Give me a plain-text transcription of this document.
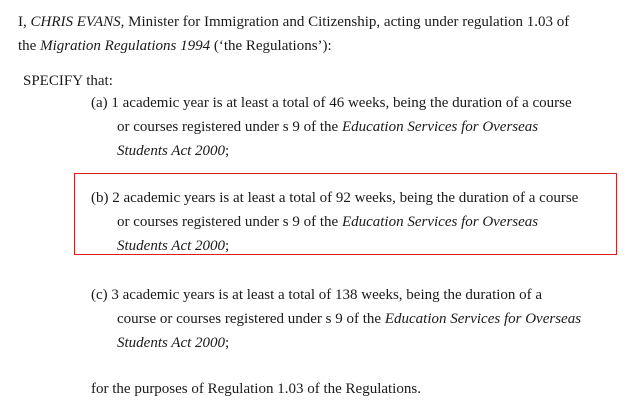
I, CHRIS EVANS, Minister for Immigration and Citizenship, acting under regulation 1.03 of

the Migration Regulations 1994 (‘the Regulations’):

SPECIFY that:

(a) 1 academic year is at least a total of 46 weeks, being the duration of a course

or courses registered under s 9 of the Education Services for Overseas

Students Act 2000;

(b) 2 academic years is at least a total of 92 weeks, being the duration of a course

or courses registered under s 9 of the Education Services for Overseas

Students Act 2000;

(c) 3 academic years is at least a total of 138 weeks, being the duration of a

course or courses registered under s 9 of the Education Services for Overseas

Students Act 2000;

for the purposes of Regulation 1.03 of the Regulations.
